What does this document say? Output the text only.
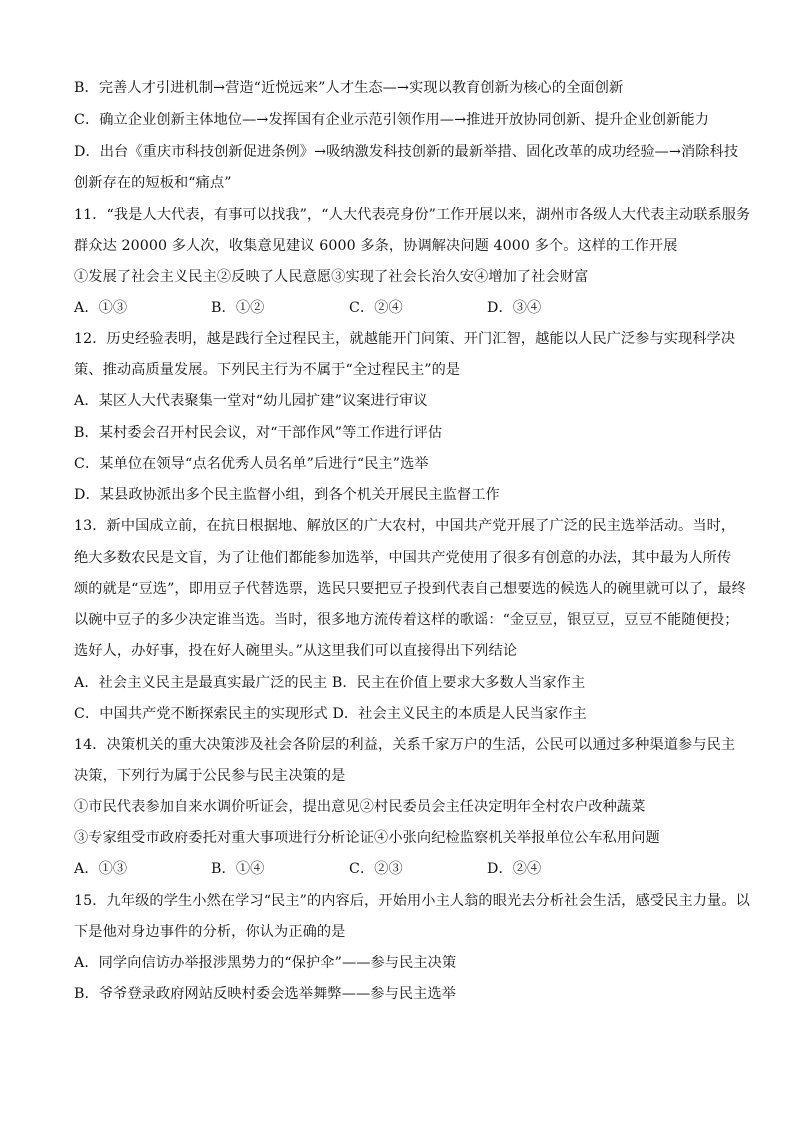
B．完善人才引进机制→营造“近悦远来”人才生态—→实现以教育创新为核心的全面创新
C．确立企业创新主体地位—→发挥国有企业示范引领作用—→推进开放协同创新、提升企业创新能力
D．出台《重庆市科技创新促进条例》→吸纳激发科技创新的最新举措、固化改革的成功经验—→消除科技
创新存在的短板和“痛点”
11．“我是人大代表，有事可以找我”，“人大代表亮身份”工作开展以来，湖州市各级人大代表主动联系服务
群众达 20000 多人次，收集意见建议 6000 多条，协调解决问题 4000 多个。这样的工作开展
①发展了社会主义民主②反映了人民意愿③实现了社会长治久安④增加了社会财富
A．①③	B．①②	C．②④	D．③④
12．历史经验表明，越是践行全过程民主，就越能开门问策、开门汇智，越能以人民广泛参与实现科学决
策、推动高质量发展。下列民主行为不属于“全过程民主”的是
A．某区人大代表聚集一堂对“幼儿园扩建”议案进行审议
B．某村委会召开村民会议，对“干部作风”等工作进行评估
C．某单位在领导“点名优秀人员名单”后进行“民主”选举
D．某县政协派出多个民主监督小组，到各个机关开展民主监督工作
13．新中国成立前，在抗日根据地、解放区的广大农村，中国共产党开展了广泛的民主选举活动。当时，
绝大多数农民是文盲，为了让他们都能参加选举，中国共产党使用了很多有创意的办法，其中最为人所传
颂的就是“豆选”，即用豆子代替选票，选民只要把豆子投到代表自己想要选的候选人的碗里就可以了，最终
以碗中豆子的多少决定谁当选。当时，很多地方流传着这样的歌谣：“金豆豆，银豆豆，豆豆不能随便投；
选好人，办好事，投在好人碗里头。”从这里我们可以直接得出下列结论
A．社会主义民主是最真实最广泛的民主 B．民主在价值上要求大多数人当家作主
C．中国共产党不断探索民主的实现形式 D．社会主义民主的本质是人民当家作主
14．决策机关的重大决策涉及社会各阶层的利益，关系千家万户的生活，公民可以通过多种渠道参与民主
决策，下列行为属于公民参与民主决策的是
①市民代表参加自来水调价听证会，提出意见②村民委员会主任决定明年全村农户改种蔬菜
③专家组受市政府委托对重大事项进行分析论证④小张向纪检监察机关举报单位公车私用问题
A．①③	B．①④	C．②③	D．②④
15．九年级的学生小然在学习“民主”的内容后，开始用小主人翁的眼光去分析社会生活，感受民主力量。以
下是他对身边事件的分析，你认为正确的是
A．同学向信访办举报涉黑势力的“保护伞”——参与民主决策
B．爷爷登录政府网站反映村委会选举舞弊——参与民主选举
